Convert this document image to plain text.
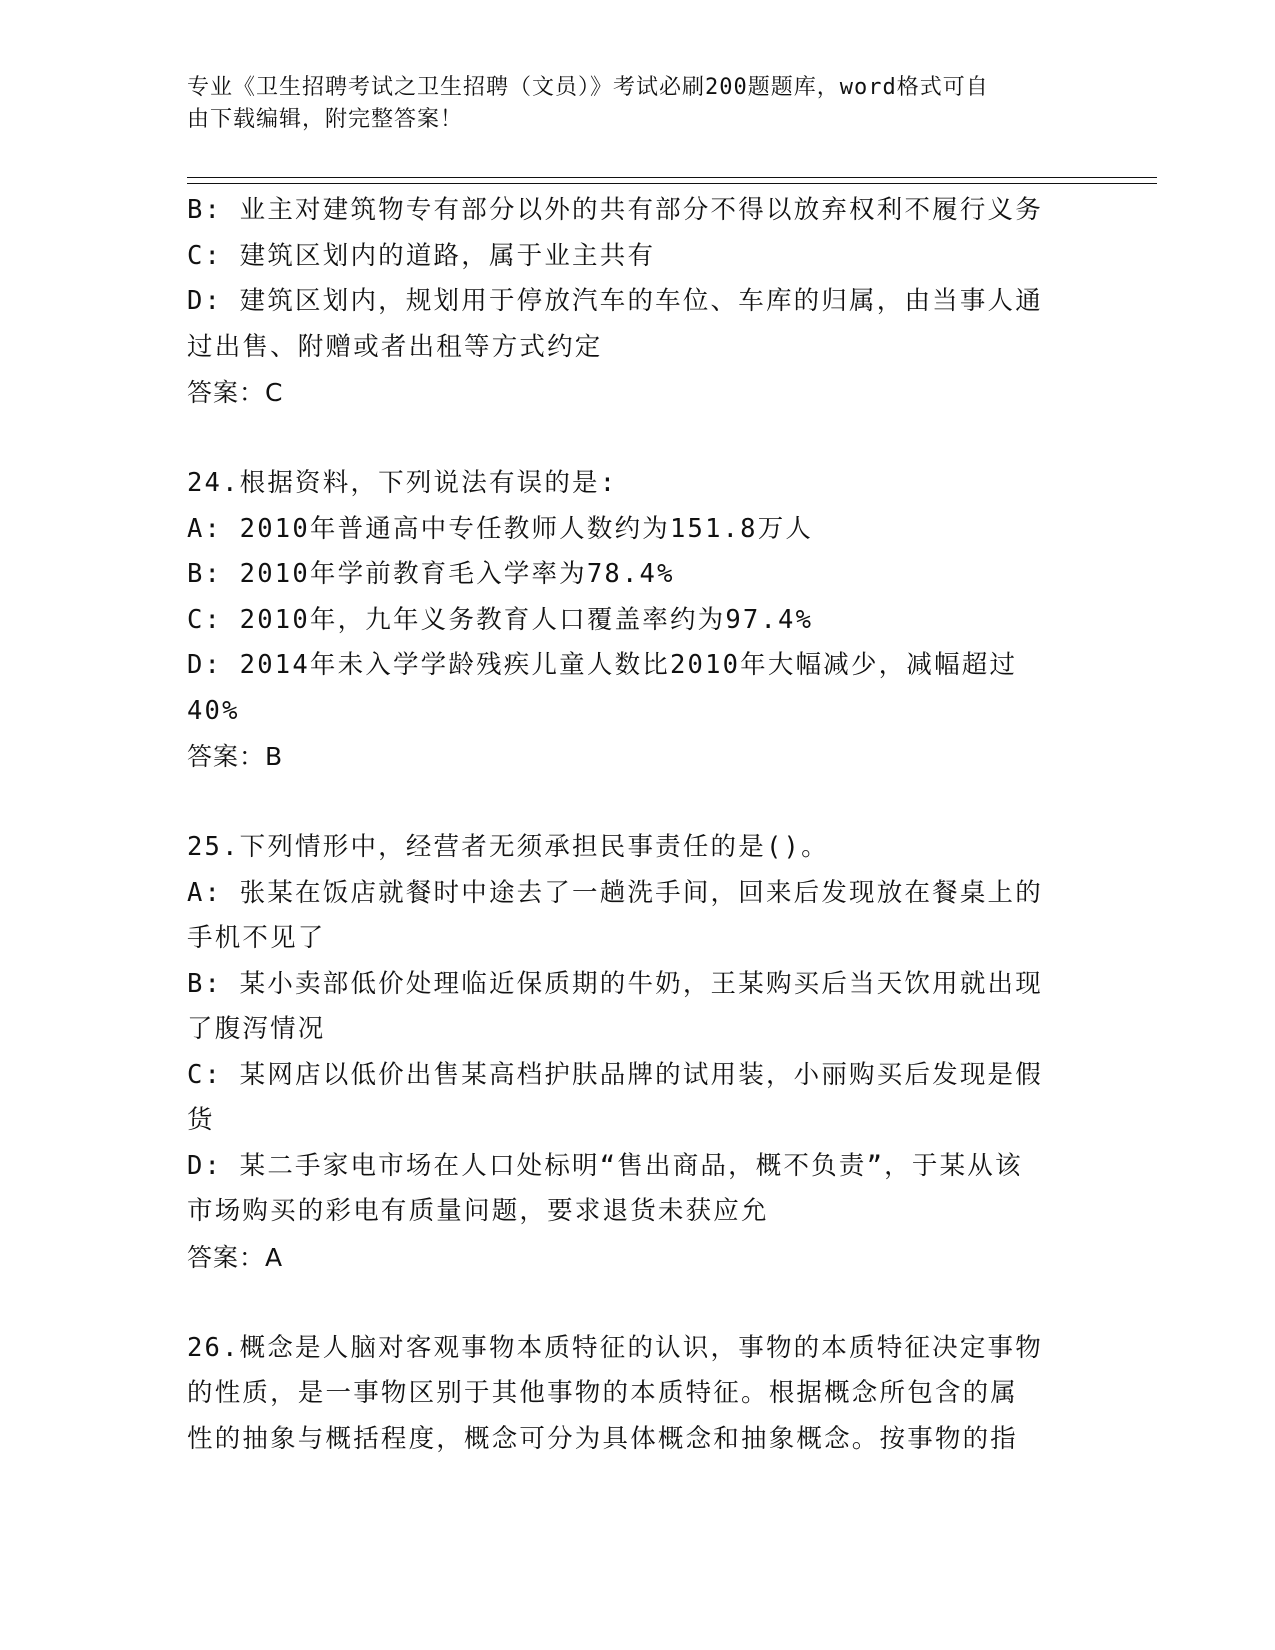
专业《卫生招聘考试之卫生招聘（文员）》考试必刷200题题库，word格式可自
由下载编辑，附完整答案！
B: 业主对建筑物专有部分以外的共有部分不得以放弃权利不履行义务
C: 建筑区划内的道路，属于业主共有
D: 建筑区划内，规划用于停放汽车的车位、车库的归属，由当事人通
过出售、附赠或者出租等方式约定
答案：C
24.根据资料，下列说法有误的是:
A: 2010年普通高中专任教师人数约为151.8万人
B: 2010年学前教育毛入学率为78.4%
C: 2010年，九年义务教育人口覆盖率约为97.4%
D: 2014年未入学学龄残疾儿童人数比2010年大幅减少，减幅超过
40%
答案：B
25.下列情形中，经营者无须承担民事责任的是()。
A: 张某在饭店就餐时中途去了一趟洗手间，回来后发现放在餐桌上的
手机不见了
B: 某小卖部低价处理临近保质期的牛奶，王某购买后当天饮用就出现
了腹泻情况
C: 某网店以低价出售某高档护肤品牌的试用装，小丽购买后发现是假
货
D: 某二手家电市场在人口处标明“售出商品，概不负责”，于某从该
市场购买的彩电有质量问题，要求退货未获应允
答案：A
26.概念是人脑对客观事物本质特征的认识，事物的本质特征决定事物
的性质，是一事物区别于其他事物的本质特征。根据概念所包含的属
性的抽象与概括程度，概念可分为具体概念和抽象概念。按事物的指
